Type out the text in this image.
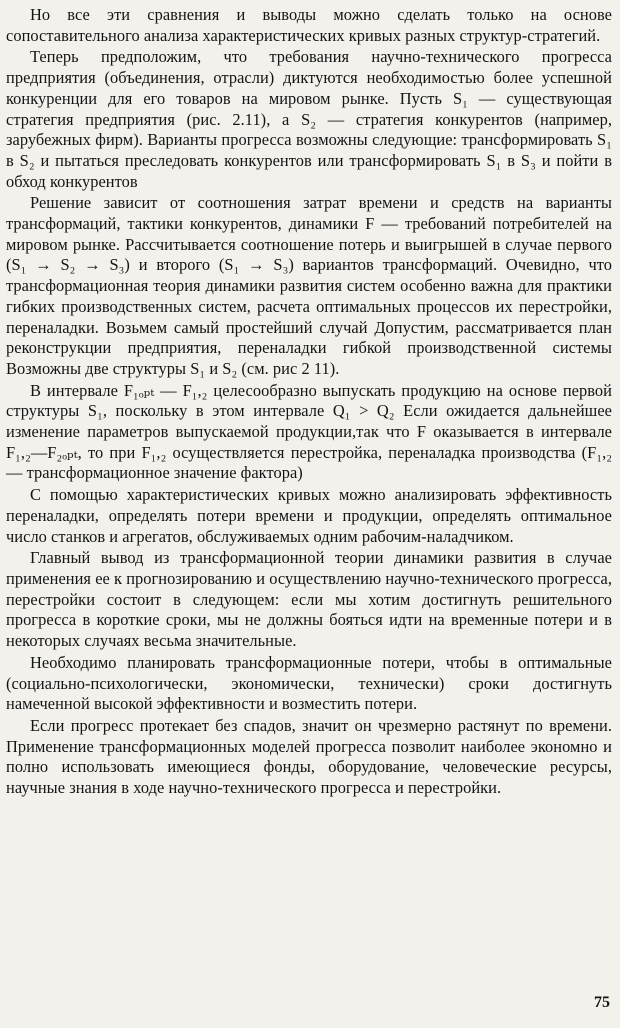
Но все эти сравнения и выводы можно сделать только на основе сопоставительного анализа характеристических кривых разных структур-стратегий.

Теперь предположим, что требования научно-технического прогресса предприятия (объединения, отрасли) диктуются необходимостью более успешной конкуренции для его товаров на мировом рынке. Пусть S₁ — существующая стратегия предприятия (рис. 2.11), а S₂ — стратегия конкурентов (например, зарубежных фирм). Варианты прогресса возможны следующие: трансформировать S₁ в S₂ и пытаться преследовать конкурентов или трансформировать S₁ в S₃ и пойти в обход конкурентов

Решение зависит от соотношения затрат времени и средств на варианты трансформаций, тактики конкурентов, динамики F — требований потребителей на мировом рынке. Рассчитывается соотношение потерь и выигрышей в случае первого (S₁ → S₂ → S₃) и второго (S₁ → S₃) вариантов трансформаций. Очевидно, что трансформационная теория динамики развития систем особенно важна для практики гибких производственных систем, расчета оптимальных процессов их перестройки, переналадки. Возьмем самый простейший случай Допустим, рассматривается план реконструкции предприятия, переналадки гибкой производственной системы Возможны две структуры S₁ и S₂ (см. рис 2 11).

В интервале F₁ₒₚₜ — F₁,₂ целесообразно выпускать продукцию на основе первой структуры S₁, поскольку в этом интервале Q₁ > Q₂ Если ожидается дальнейшее изменение параметров выпускаемой продукции,так что F оказывается в интервале F₁,₂—F₂ₒₚₜ, то при F₁,₂ осуществляется перестройка, переналадка производства (F₁,₂ — трансформационное значение фактора)

С помощью характеристических кривых можно анализировать эффективность переналадки, определять потери времени и продукции, определять оптимальное число станков и агрегатов, обслуживаемых одним рабочим-наладчиком.

Главный вывод из трансформационной теории динамики развития в случае применения ее к прогнозированию и осуществлению научно-технического прогресса, перестройки состоит в следующем: если мы хотим достигнуть решительного прогресса в короткие сроки, мы не должны бояться идти на временные потери и в некоторых случаях весьма значительные.

Необходимо планировать трансформационные потери, чтобы в оптимальные (социально-психологически, экономически, технически) сроки достигнуть намеченной высокой эффективности и возместить потери.

Если прогресс протекает без спадов, значит он чрезмерно растянут по времени. Применение трансформационных моделей прогресса позволит наиболее экономно и полно использовать имеющиеся фонды, оборудование, человеческие ресурсы, научные знания в ходе научно-технического прогресса и перестройки.

75
